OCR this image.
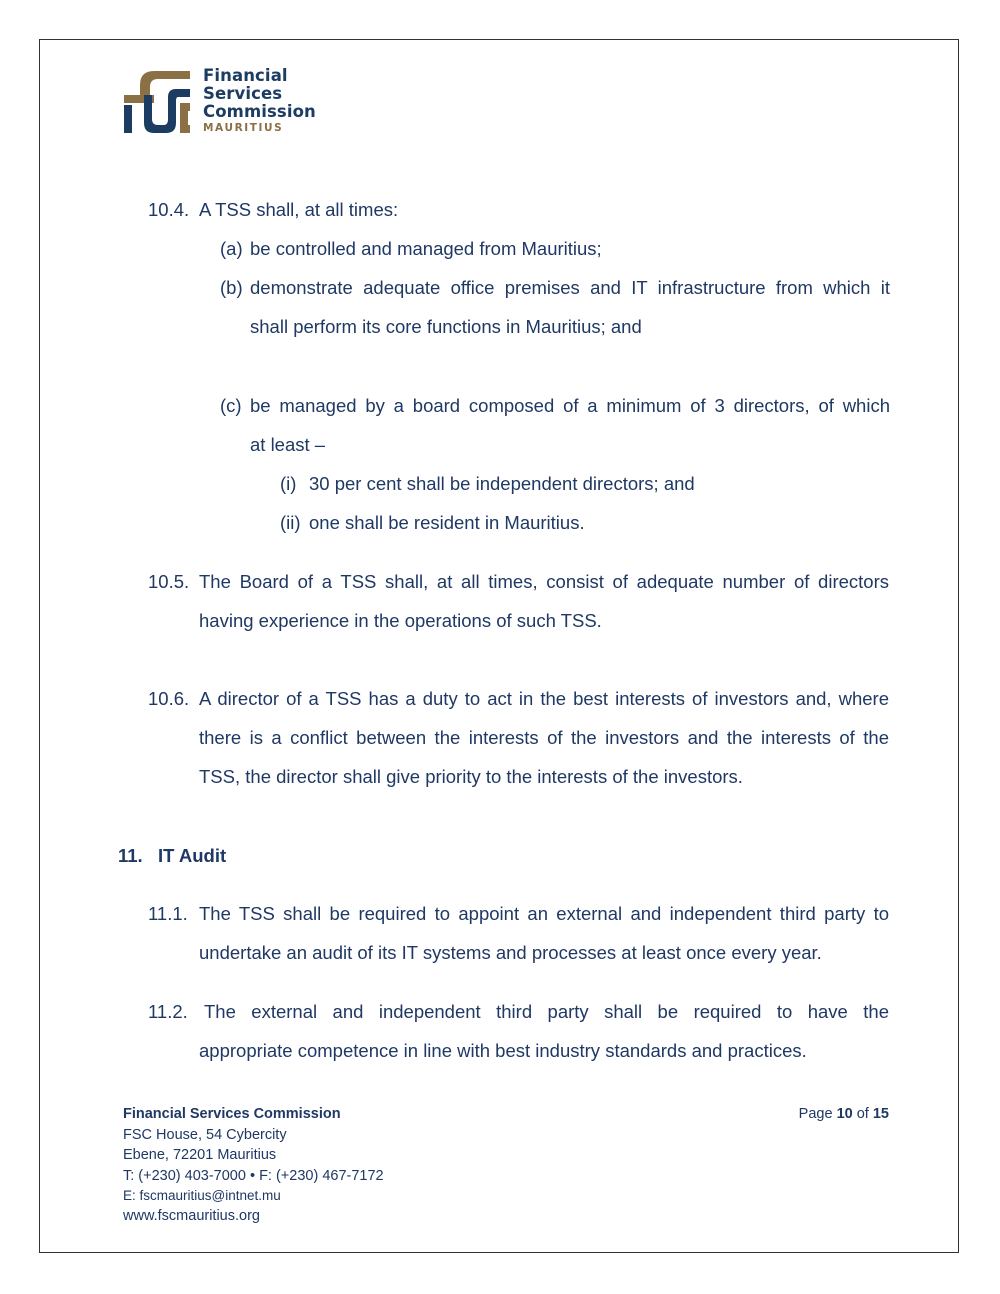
Financial
Services
Commission
MAURITIUS
10.4. A TSS shall, at all times:
(a) be controlled and managed from Mauritius;
(b) demonstrate adequate office premises and IT infrastructure from which it
shall perform its core functions in Mauritius; and
(c) be managed by a board composed of a minimum of 3 directors, of which
at least –
(i) 30 per cent shall be independent directors; and
(ii) one shall be resident in Mauritius.
10.5. The Board of a TSS shall, at all times, consist of adequate number of directors
having experience in the operations of such TSS.
10.6. A director of a TSS has a duty to act in the best interests of investors and, where
there is a conflict between the interests of the investors and the interests of the
TSS, the director shall give priority to the interests of the investors.
11. IT Audit
11.1. The TSS shall be required to appoint an external and independent third party to
undertake an audit of its IT systems and processes at least once every year.
11.2. The external and independent third party shall be required to have the
appropriate competence in line with best industry standards and practices.
Financial Services Commission
FSC House, 54 Cybercity
Ebene, 72201 Mauritius
T: (+230) 403-7000 • F: (+230) 467-7172
E: fscmauritius@intnet.mu
www.fscmauritius.org
Page 10 of 15
